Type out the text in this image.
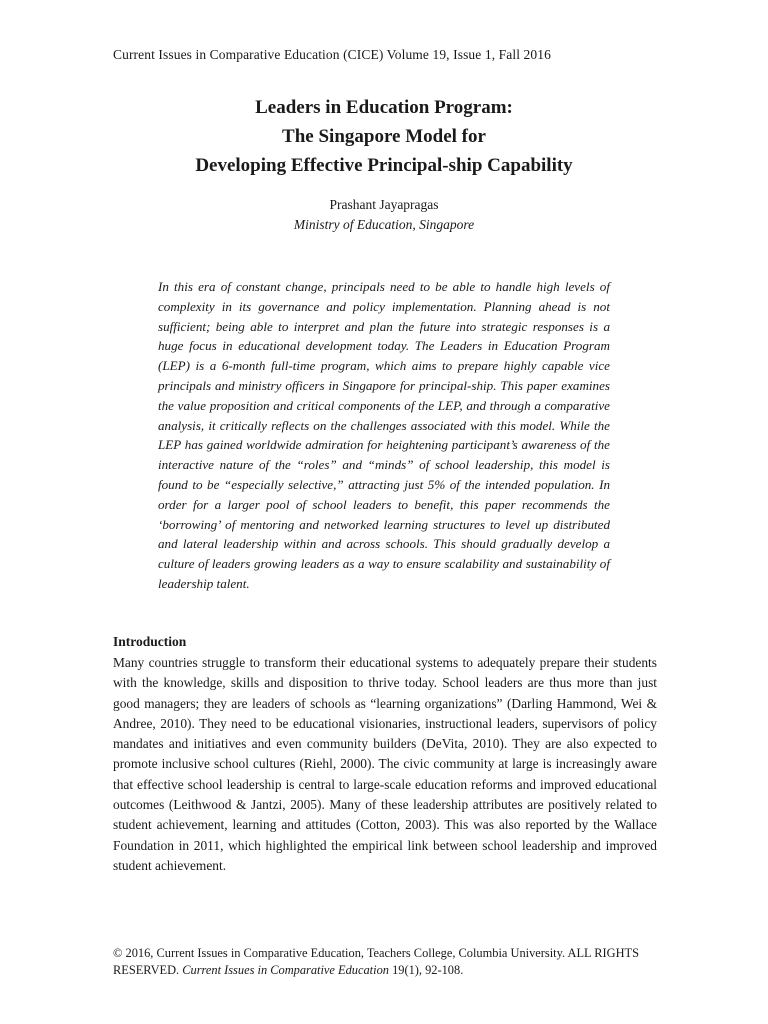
Current Issues in Comparative Education (CICE) Volume 19, Issue 1, Fall 2016
Leaders in Education Program:
The Singapore Model for
Developing Effective Principal-ship Capability
Prashant Jayapragas
Ministry of Education, Singapore

In this era of constant change, principals need to be able to handle high levels of complexity in its governance and policy implementation. Planning ahead is not sufficient; being able to interpret and plan the future into strategic responses is a huge focus in educational development today. The Leaders in Education Program (LEP) is a 6-month full-time program, which aims to prepare highly capable vice principals and ministry officers in Singapore for principal-ship. This paper examines the value proposition and critical components of the LEP, and through a comparative analysis, it critically reflects on the challenges associated with this model. While the LEP has gained worldwide admiration for heightening participant’s awareness of the interactive nature of the “roles” and “minds” of school leadership, this model is found to be “especially selective,” attracting just 5% of the intended population. In order for a larger pool of school leaders to benefit, this paper recommends the ‘borrowing’ of mentoring and networked learning structures to level up distributed and lateral leadership within and across schools. This should gradually develop a culture of leaders growing leaders as a way to ensure scalability and sustainability of leadership talent.

Introduction

Many countries struggle to transform their educational systems to adequately prepare their students with the knowledge, skills and disposition to thrive today. School leaders are thus more than just good managers; they are leaders of schools as “learning organizations” (Darling Hammond, Wei & Andree, 2010). They need to be educational visionaries, instructional leaders, supervisors of policy mandates and initiatives and even community builders (DeVita, 2010). They are also expected to promote inclusive school cultures (Riehl, 2000). The civic community at large is increasingly aware that effective school leadership is central to large-scale education reforms and improved educational outcomes (Leithwood & Jantzi, 2005). Many of these leadership attributes are positively related to student achievement, learning and attitudes (Cotton, 2003). This was also reported by the Wallace Foundation in 2011, which highlighted the empirical link between school leadership and improved student achievement.

© 2016, Current Issues in Comparative Education, Teachers College, Columbia University. ALL RIGHTS RESERVED. Current Issues in Comparative Education 19(1), 92-108.
